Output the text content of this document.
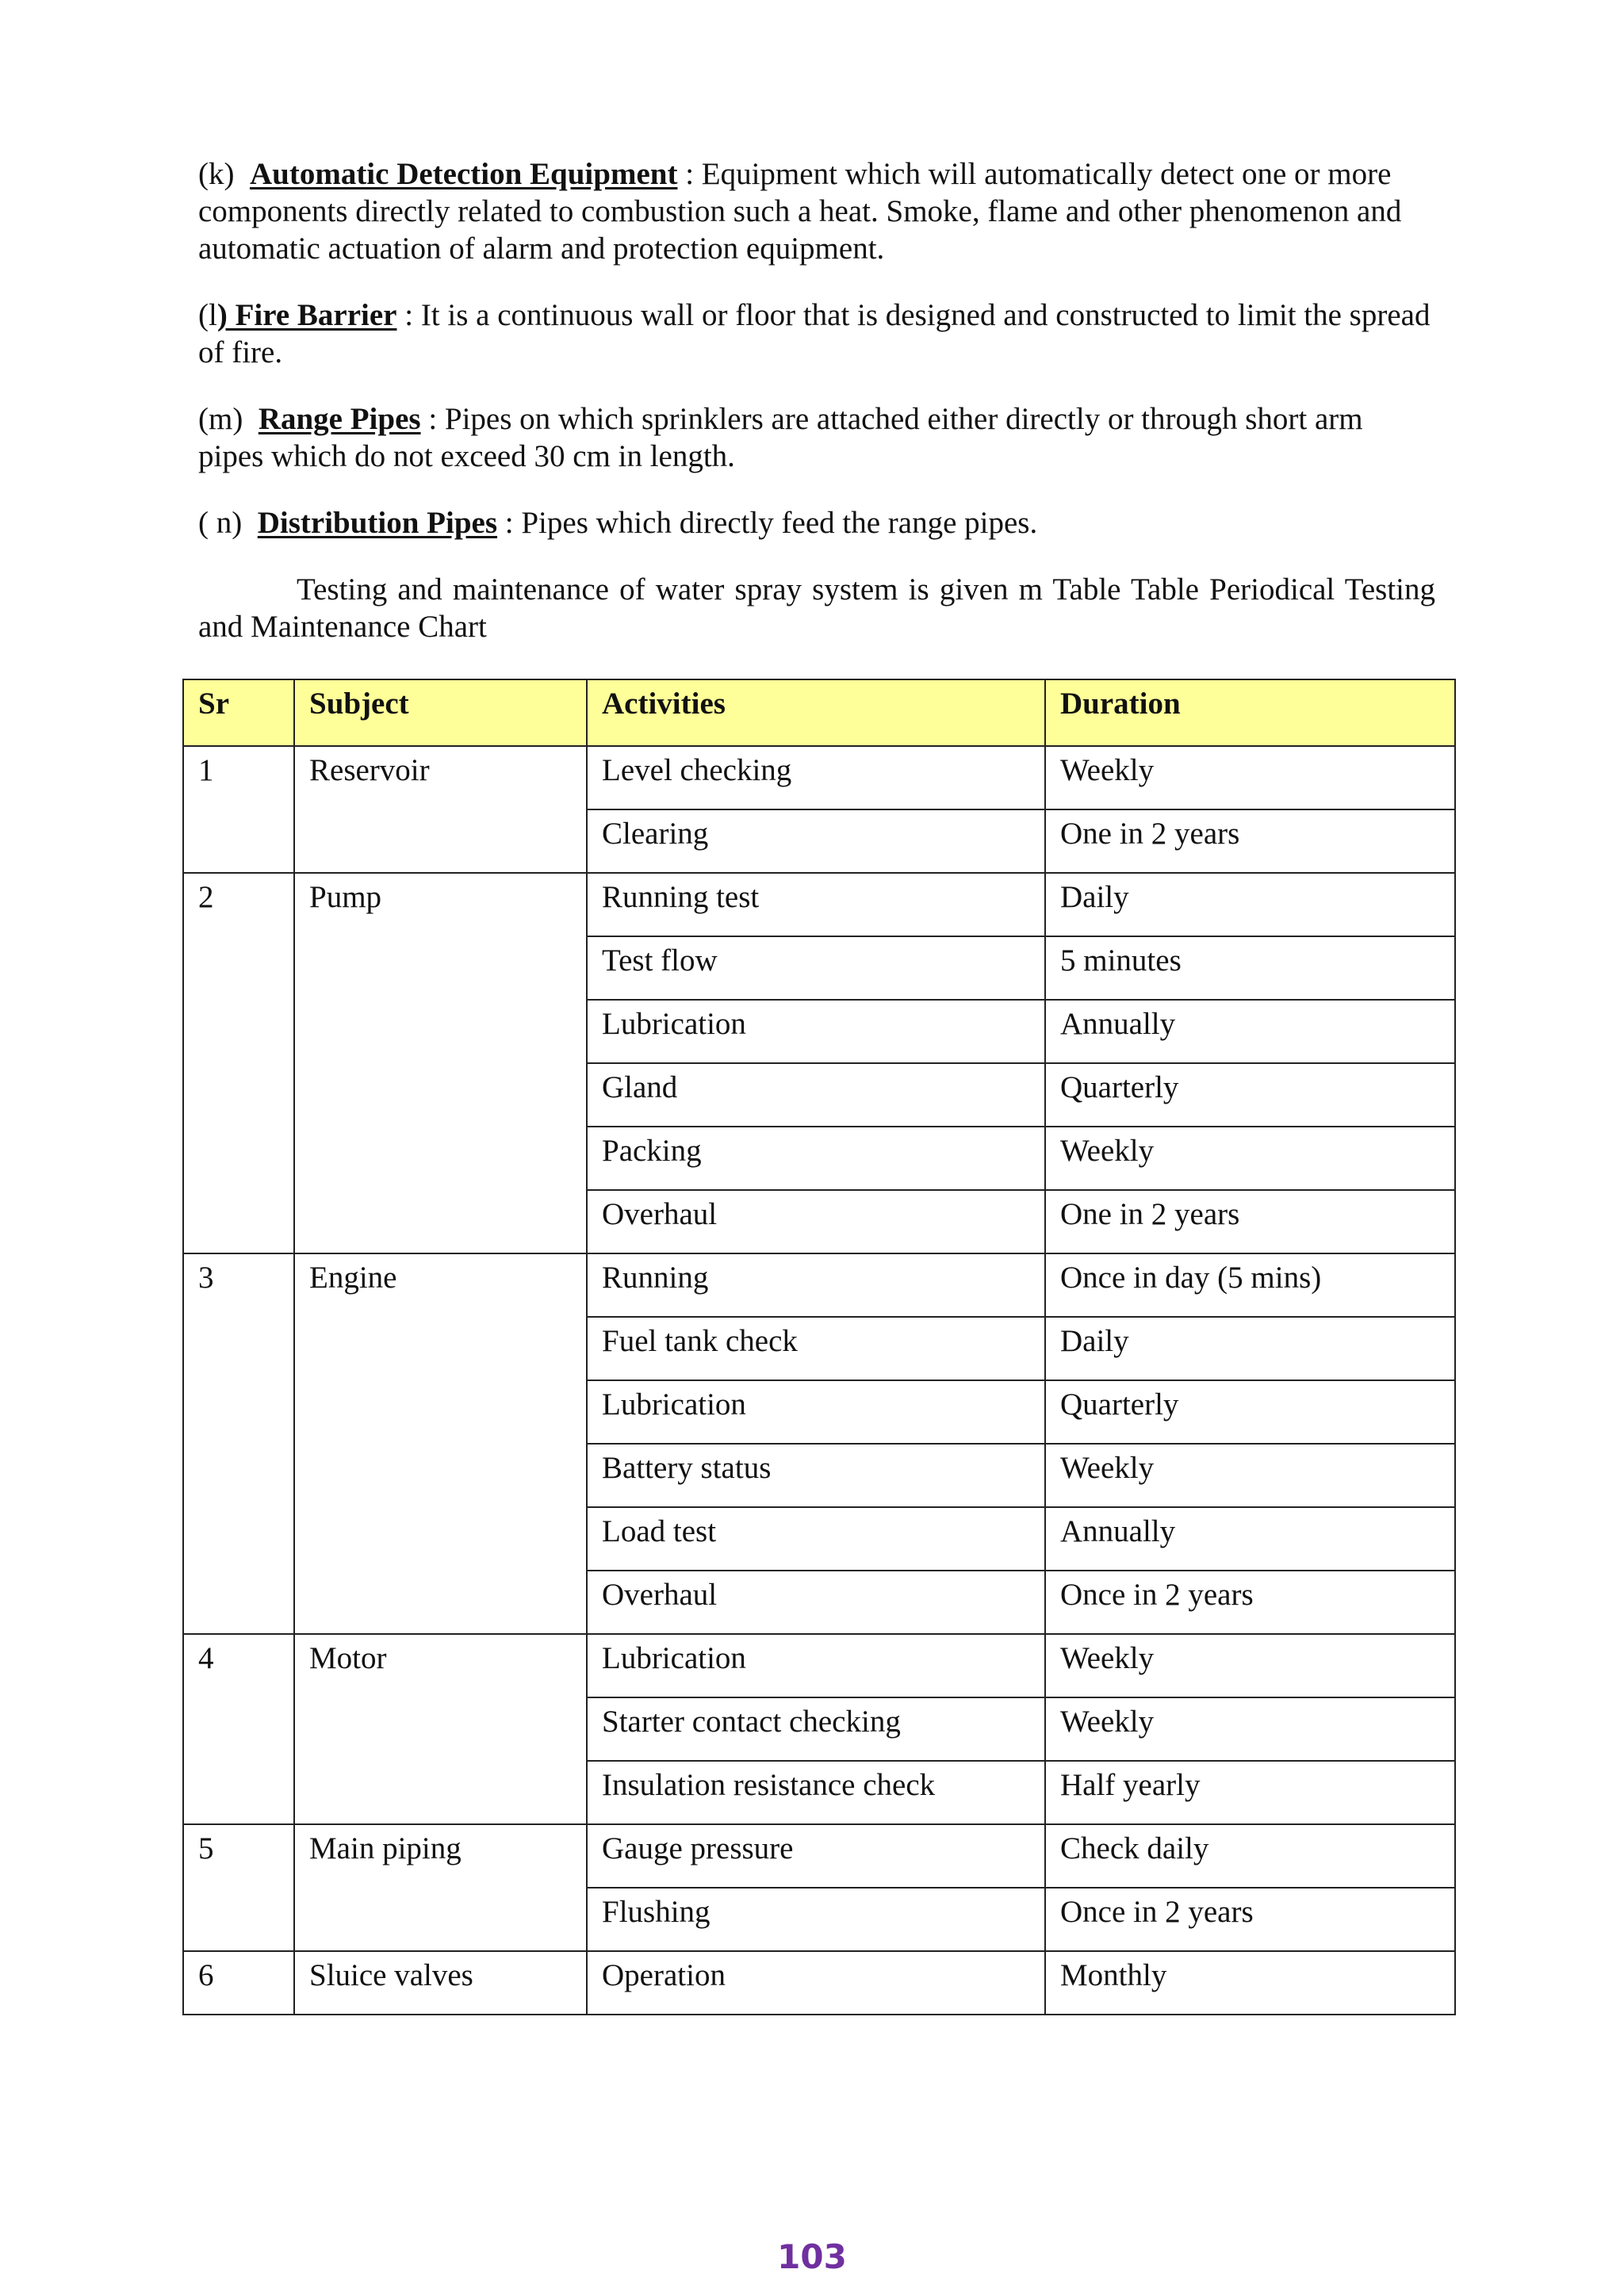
(k) Automatic Detection Equipment : Equipment which will automatically detect one or more components directly related to combustion such a heat. Smoke, flame and other phenomenon and automatic actuation of alarm and protection equipment.

(l) Fire Barrier : It is a continuous wall or floor that is designed and constructed to limit the spread of fire.

(m) Range Pipes : Pipes on which sprinklers are attached either directly or through short arm pipes which do not exceed 30 cm in length.

( n) Distribution Pipes : Pipes which directly feed the range pipes.

Testing and maintenance of water spray system is given m Table Table Periodical Testing and Maintenance Chart

Sr	Subject	Activities	Duration
1	Reservoir	Level checking	Weekly
		Clearing	One in 2 years
2	Pump	Running test	Daily
		Test flow	5 minutes
		Lubrication	Annually
		Gland	Quarterly
		Packing	Weekly
		Overhaul	One in 2 years
3	Engine	Running	Once in day (5 mins)
		Fuel tank check	Daily
		Lubrication	Quarterly
		Battery status	Weekly
		Load test	Annually
		Overhaul	Once in 2 years
4	Motor	Lubrication	Weekly
		Starter contact checking	Weekly
		Insulation resistance check	Half yearly
5	Main piping	Gauge pressure	Check daily
		Flushing	Once in 2 years
6	Sluice valves	Operation	Monthly
103
